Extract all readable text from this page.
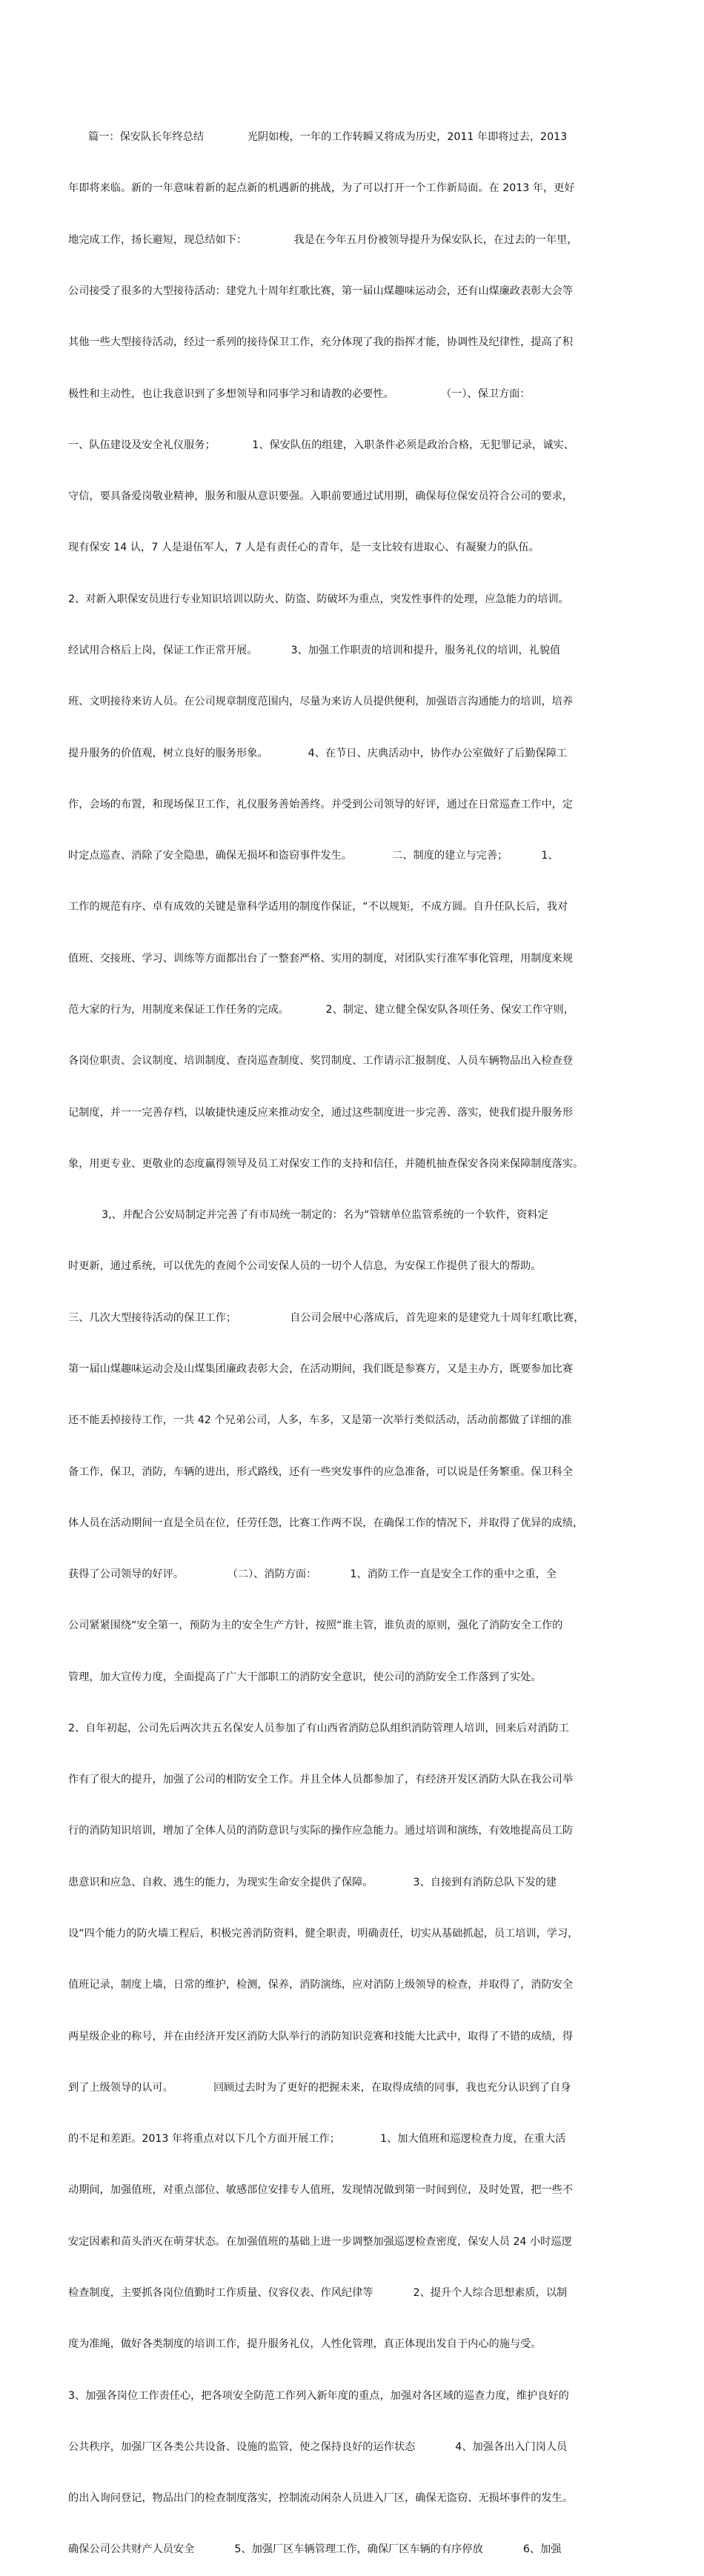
篇一：保安队长年终总结             光阴如梭，一年的工作转瞬又将成为历史，2011 年即将过去，2013

年即将来临。新的一年意味着新的起点新的机遇新的挑战，为了可以打开一个工作新局面。在 2013 年，更好

地完成工作，扬长避短，现总结如下：              我是在今年五月份被领导提升为保安队长，在过去的一年里，

公司接受了很多的大型接待活动：建党九十周年红歌比赛，第一届山煤趣味运动会，还有山煤廉政表彰大会等

其他一些大型接待活动，经过一系列的接待保卫工作，充分体现了我的指挥才能，协调性及纪律性，提高了积

极性和主动性，也让我意识到了多想领导和同事学习和请教的必要性。              （一）、保卫方面：

一、队伍建设及安全礼仪服务；           1、保安队伍的组建，入职条件必须是政治合格，无犯罪记录，诚实、

守信，要具备爱岗敬业精神，服务和服从意识要强。入职前要通过试用期，确保每位保安员符合公司的要求，

现有保安 14 认，7 人是退伍军人，7 人是有责任心的青年，是一支比较有进取心、有凝聚力的队伍。

2、对新入职保安员进行专业知识培训以防火、防盗、防破坏为重点，突发性事件的处理，应急能力的培训。

经试用合格后上岗，保证工作正常开展。          3、加强工作职责的培训和提升，服务礼仪的培训，礼貌值

班、文明接待来访人员。在公司规章制度范围内，尽量为来访人员提供便利，加强语言沟通能力的培训，培养

提升服务的价值观，树立良好的服务形象。            4、在节日、庆典活动中，协作办公室做好了后勤保障工

作，会场的布置，和现场保卫工作，礼仪服务善始善终。并受到公司领导的好评，通过在日常巡查工作中，定

时定点巡查、消除了安全隐患，确保无损坏和盗窃事件发生。            二、制度的建立与完善；          1、

工作的规范有序、卓有成效的关键是靠科学适用的制度作保证，“不以规矩，不成方圆。自升任队长后，我对

值班、交接班、学习、训练等方面都出台了一整套严格、实用的制度，对团队实行准军事化管理，用制度来规

范大家的行为，用制度来保证工作任务的完成。           2、制定、建立健全保安队各项任务、保安工作守则，

各岗位职责、会议制度、培训制度、查岗巡查制度、奖罚制度、工作请示汇报制度、人员车辆物品出入检查登

记制度，并一一完善存档，以敏捷快速反应来推动安全，通过这些制度进一步完善、落实，使我们提升服务形

象，用更专业、更敬业的态度赢得领导及员工对保安工作的支持和信任，并随机抽查保安各岗来保障制度落实。

3,、并配合公安局制定并完善了有市局统一制定的：名为“管辖单位监管系统的一个软件，资料定

时更新，通过系统，可以优先的查阅个公司安保人员的一切个人信息，为安保工作提供了很大的帮助。

三、几次大型接待活动的保卫工作；                自公司会展中心落成后，首先迎来的是建党九十周年红歌比赛，

第一届山煤趣味运动会及山煤集团廉政表彰大会，在活动期间，我们既是参赛方，又是主办方，既要参加比赛

还不能丢掉接待工作，一共 42 个兄弟公司，人多，车多，又是第一次举行类似活动，活动前都做了详细的准

备工作，保卫，消防，车辆的进出，形式路线，还有一些突发事件的应急准备，可以说是任务繁重。保卫科全

体人员在活动期间一直是全员在位，任劳任怨，比赛工作两不误，在确保工作的情况下，并取得了优异的成绩，

获得了公司领导的好评。             （二）、消防方面：          1、消防工作一直是安全工作的重中之重，全

公司紧紧围绕“安全第一，预防为主的安全生产方针，按照“谁主管，谁负责的原则，强化了消防安全工作的

管理，加大宣传力度，全面提高了广大干部职工的消防安全意识，使公司的消防安全工作落到了实处。

2、自年初起，公司先后两次共五名保安人员参加了有山西省消防总队组织消防管理人培训，回来后对消防工

作有了很大的提升，加强了公司的相防安全工作。并且全体人员都参加了，有经济开发区消防大队在我公司举

行的消防知识培训，增加了全体人员的消防意识与实际的操作应急能力。通过培训和演练，有效地提高员工防

患意识和应急、自救、逃生的能力，为现实生命安全提供了保障。            3、自接到有消防总队下发的建

设“四个能力的防火墙工程后，积极完善消防资料，健全职责，明确责任，切实从基础抓起，员工培训，学习，

值班记录，制度上墙，日常的维护，检测，保养，消防演练，应对消防上级领导的检查，并取得了，消防安全

两星级企业的称号，并在由经济开发区消防大队举行的消防知识竞赛和技能大比武中，取得了不错的成绩，得

到了上级领导的认可。            回顾过去时为了更好的把握未来，在取得成绩的同事，我也充分认识到了自身

的不足和差距。2013 年将重点对以下几个方面开展工作；            1、加大值班和巡逻检查力度，在重大活

动期间，加强值班，对重点部位、敏感部位安排专人值班，发现情况做到第一时间到位，及时处置，把一些不

安定因素和苗头消灭在萌芽状态。在加强值班的基础上进一步调整加强巡逻检查密度，保安人员 24 小时巡逻

检查制度，主要抓各岗位值勤时工作质量、仪容仪表、作风纪律等            2、提升个人综合思想素质，以制

度为准绳，做好各类制度的培训工作，提升服务礼仪，人性化管理，真正体现出发自于内心的施与受。

3、加强各岗位工作责任心，把各项安全防范工作列入新年度的重点，加强对各区域的巡查力度，维护良好的

公共秩序，加强厂区各类公共设备、设施的监管，使之保持良好的运作状态            4、加强各出入门岗人员

的出入询问登记，物品出门的检查制度落实，控制流动闲杂人员进入厂区，确保无盗窃、无损坏事件的发生。

确保公司公共财产人员安全            5、加强厂区车辆管理工作，确保厂区车辆的有序停放            6、加强
